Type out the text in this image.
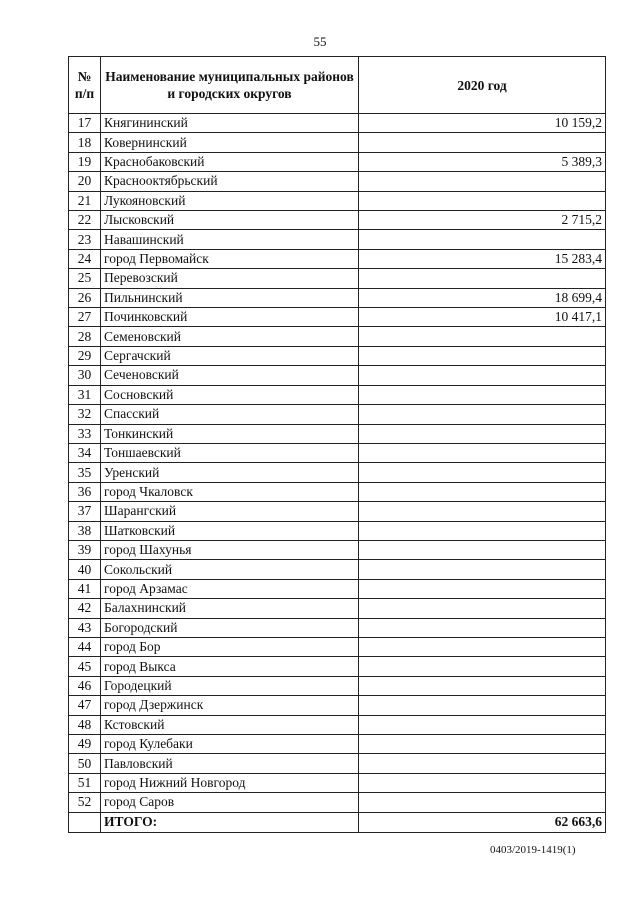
55
№ п/п	Наименование муниципальных районов и городских округов	2020 год
17	Княгининский	10 159,2
18	Ковернинский	
19	Краснобаковский	5 389,3
20	Краснооктябрьский	
21	Лукояновский	
22	Лысковский	2 715,2
23	Навашинский	
24	город Первомайск	15 283,4
25	Перевозский	
26	Пильнинский	18 699,4
27	Починковский	10 417,1
28	Семеновский	
29	Сергачский	
30	Сеченовский	
31	Сосновский	
32	Спасский	
33	Тонкинский	
34	Тоншаевский	
35	Уренский	
36	город Чкаловск	
37	Шарангский	
38	Шатковский	
39	город Шахунья	
40	Сокольский	
41	город Арзамас	
42	Балахнинский	
43	Богородский	
44	город Бор	
45	город Выкса	
46	Городецкий	
47	город Дзержинск	
48	Кстовский	
49	город Кулебаки	
50	Павловский	
51	город Нижний Новгород	
52	город Саров	
	ИТОГО:	62 663,6
0403/2019-1419(1)
